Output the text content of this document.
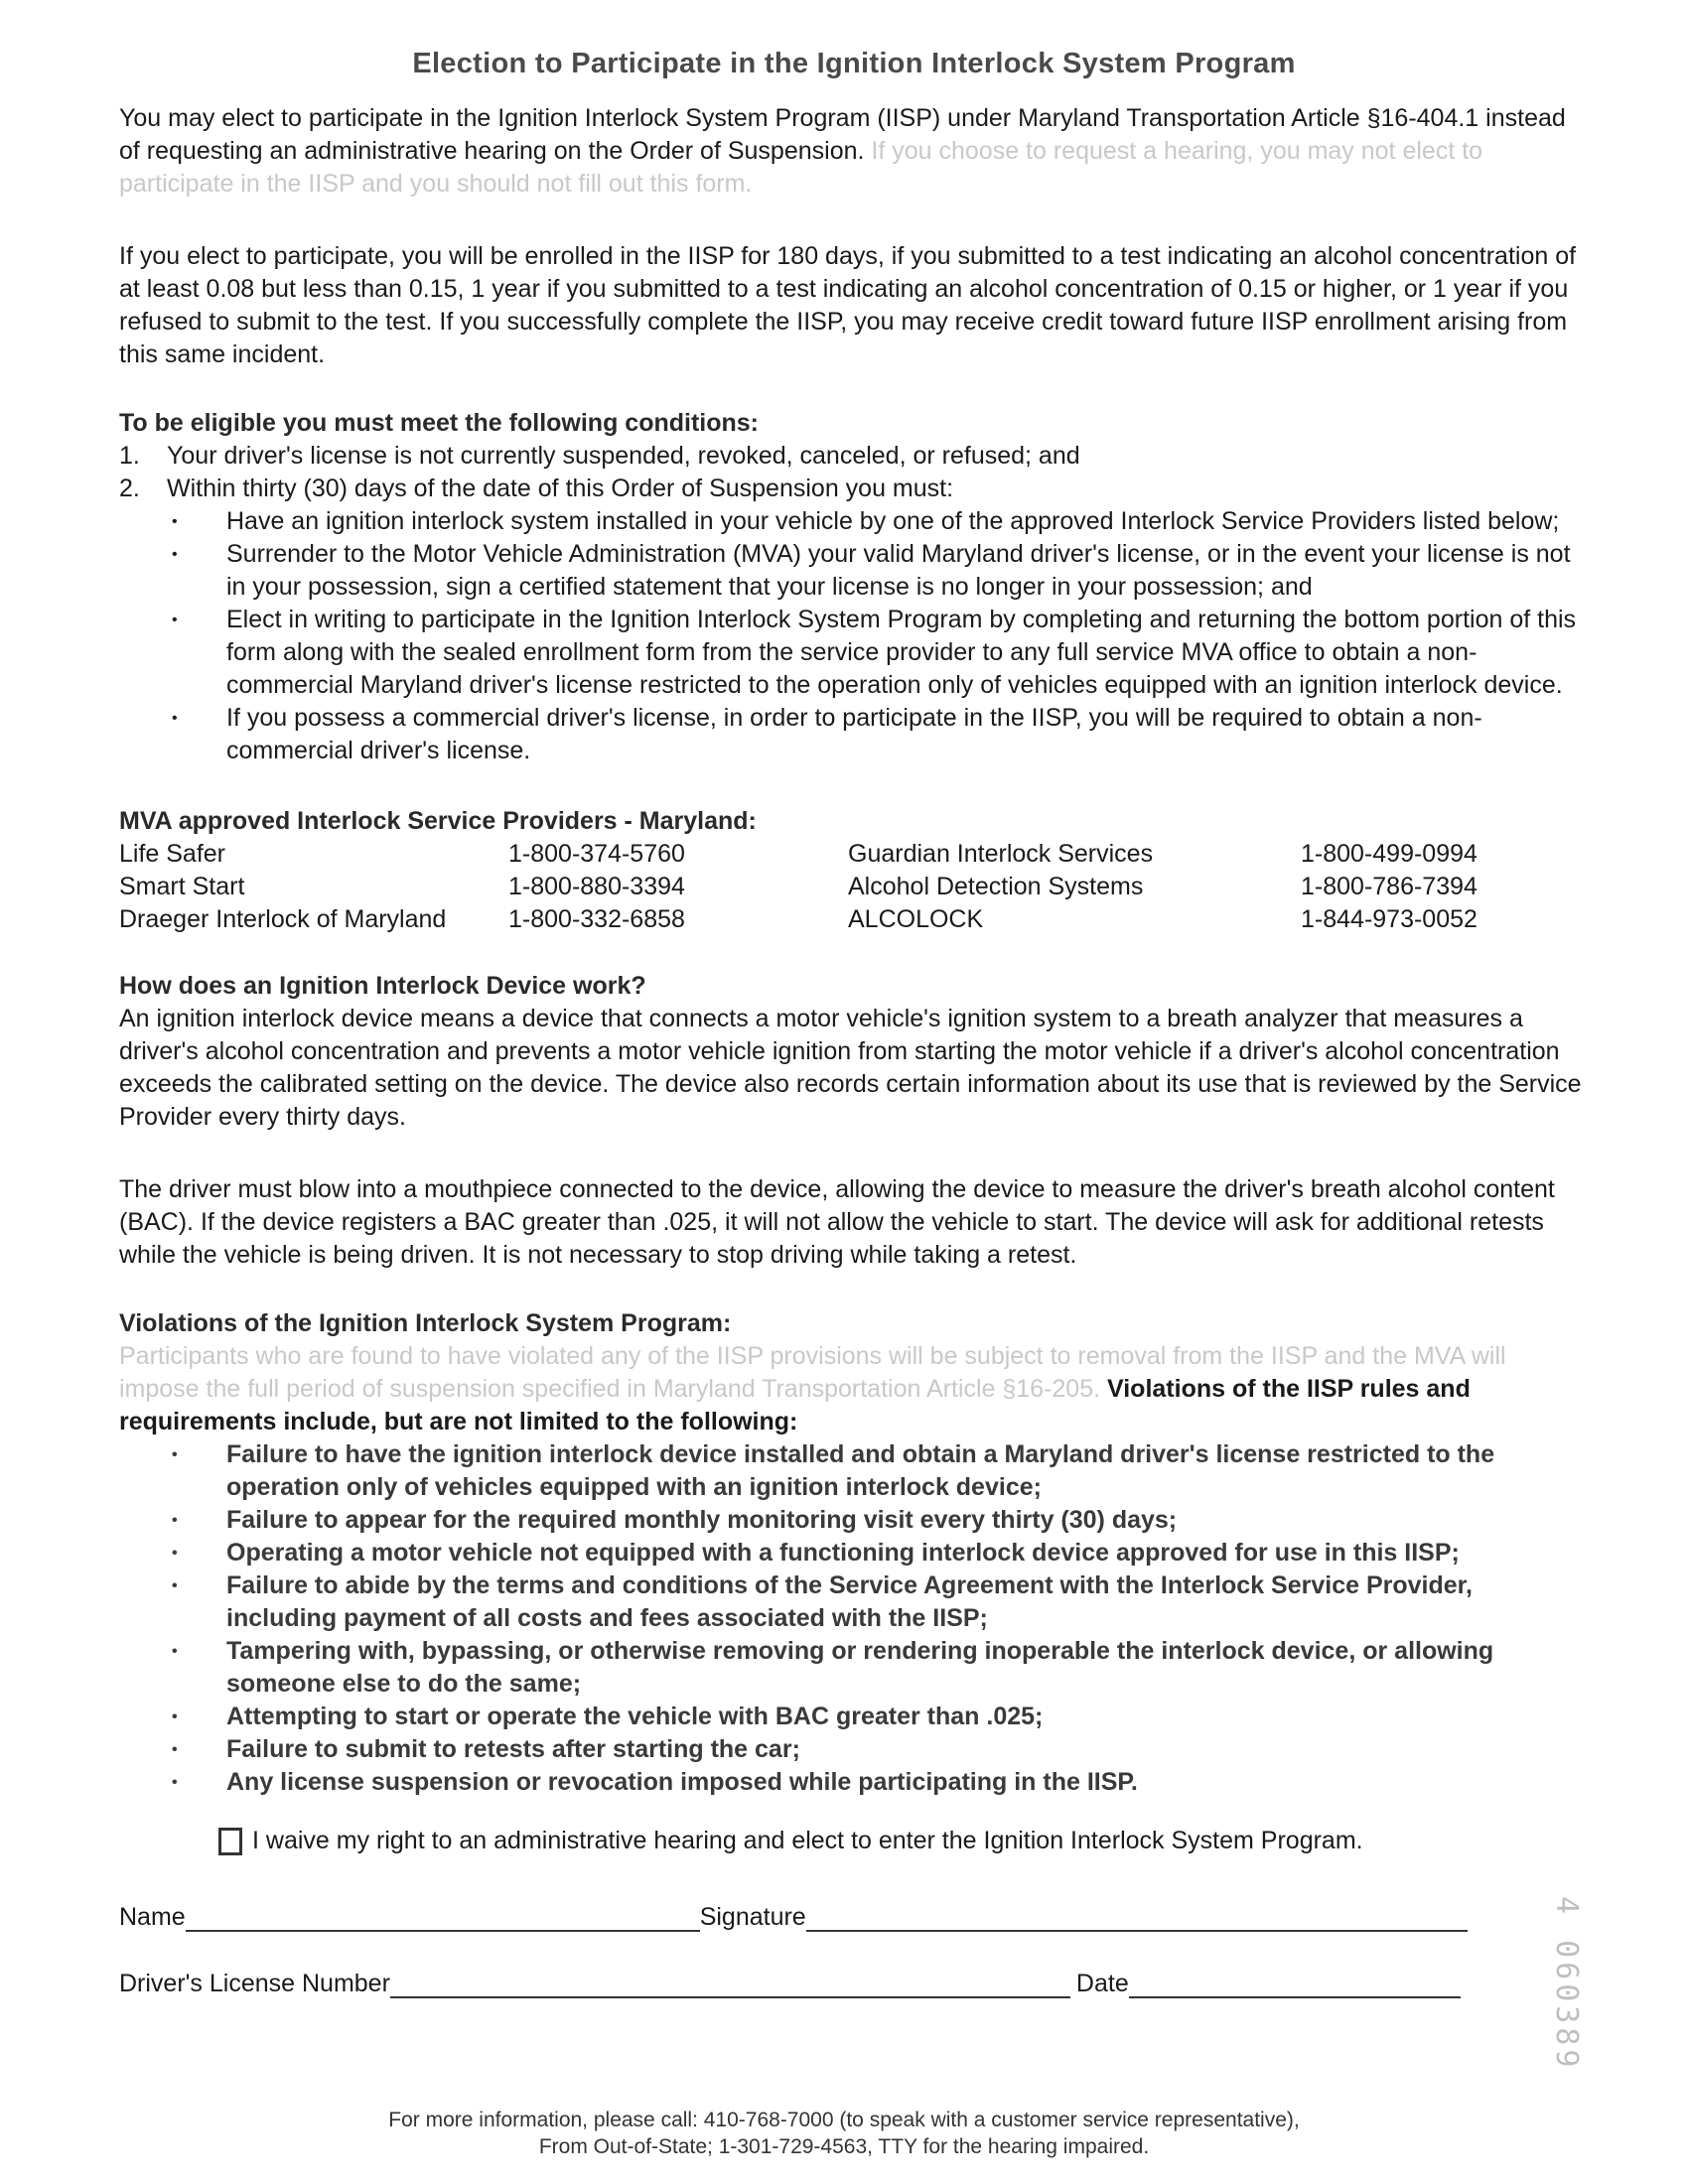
Election to Participate in the Ignition Interlock System Program

You may elect to participate in the Ignition Interlock System Program (IISP) under Maryland Transportation Article §16-404.1 instead of requesting an administrative hearing on the Order of Suspension. If you choose to request a hearing, you may not elect to participate in the IISP and you should not fill out this form.

If you elect to participate, you will be enrolled in the IISP for 180 days, if you submitted to a test indicating an alcohol concentration of at least 0.08 but less than 0.15, 1 year if you submitted to a test indicating an alcohol concentration of 0.15 or higher, or 1 year if you refused to submit to the test. If you successfully complete the IISP, you may receive credit toward future IISP enrollment arising from this same incident.

To be eligible you must meet the following conditions:
1.	Your driver's license is not currently suspended, revoked, canceled, or refused; and
2.	Within thirty (30) days of the date of this Order of Suspension you must:
•	Have an ignition interlock system installed in your vehicle by one of the approved Interlock Service Providers listed below;
•	Surrender to the Motor Vehicle Administration (MVA) your valid Maryland driver's license, or in the event your license is not in your possession, sign a certified statement that your license is no longer in your possession; and
•	Elect in writing to participate in the Ignition Interlock System Program by completing and returning the bottom portion of this form along with the sealed enrollment form from the service provider to any full service MVA office to obtain a non-commercial Maryland driver's license restricted to the operation only of vehicles equipped with an ignition interlock device.
•	If you possess a commercial driver's license, in order to participate in the IISP, you will be required to obtain a non-commercial driver's license.
MVA approved Interlock Service Providers - Maryland:
Life Safer	1-800-374-5760	Guardian Interlock Services	1-800-499-0994
Smart Start	1-800-880-3394	Alcohol Detection Systems	1-800-786-7394
Draeger Interlock of Maryland	1-800-332-6858	ALCOLOCK	1-844-973-0052
How does an Ignition Interlock Device work?

An ignition interlock device means a device that connects a motor vehicle's ignition system to a breath analyzer that measures a driver's alcohol concentration and prevents a motor vehicle ignition from starting the motor vehicle if a driver's alcohol concentration exceeds the calibrated setting on the device. The device also records certain information about its use that is reviewed by the Service Provider every thirty days.

The driver must blow into a mouthpiece connected to the device, allowing the device to measure the driver's breath alcohol content (BAC). If the device registers a BAC greater than .025, it will not allow the vehicle to start. The device will ask for additional retests while the vehicle is being driven. It is not necessary to stop driving while taking a retest.

Violations of the Ignition Interlock System Program:

Participants who are found to have violated any of the IISP provisions will be subject to removal from the IISP and the MVA will impose the full period of suspension specified in Maryland Transportation Article §16-205. Violations of the IISP rules and requirements include, but are not limited to the following:

•	Failure to have the ignition interlock device installed and obtain a Maryland driver's license restricted to the operation only of vehicles equipped with an ignition interlock device;
•	Failure to appear for the required monthly monitoring visit every thirty (30) days;
•	Operating a motor vehicle not equipped with a functioning interlock device approved for use in this IISP;
•	Failure to abide by the terms and conditions of the Service Agreement with the Interlock Service Provider, including payment of all costs and fees associated with the IISP;
•	Tampering with, bypassing, or otherwise removing or rendering inoperable the interlock device, or allowing someone else to do the same;
•	Attempting to start or operate the vehicle with BAC greater than .025;
•	Failure to submit to retests after starting the car;
•	Any license suspension or revocation imposed while participating in the IISP.
I waive my right to an administrative hearing and elect to enter the Ignition Interlock System Program.
Name	Signature
Driver's License Number	Date	4 060389
For more information, please call: 410-768-7000 (to speak with a customer service representative),
From Out-of-State; 1-301-729-4563, TTY for the hearing impaired.
